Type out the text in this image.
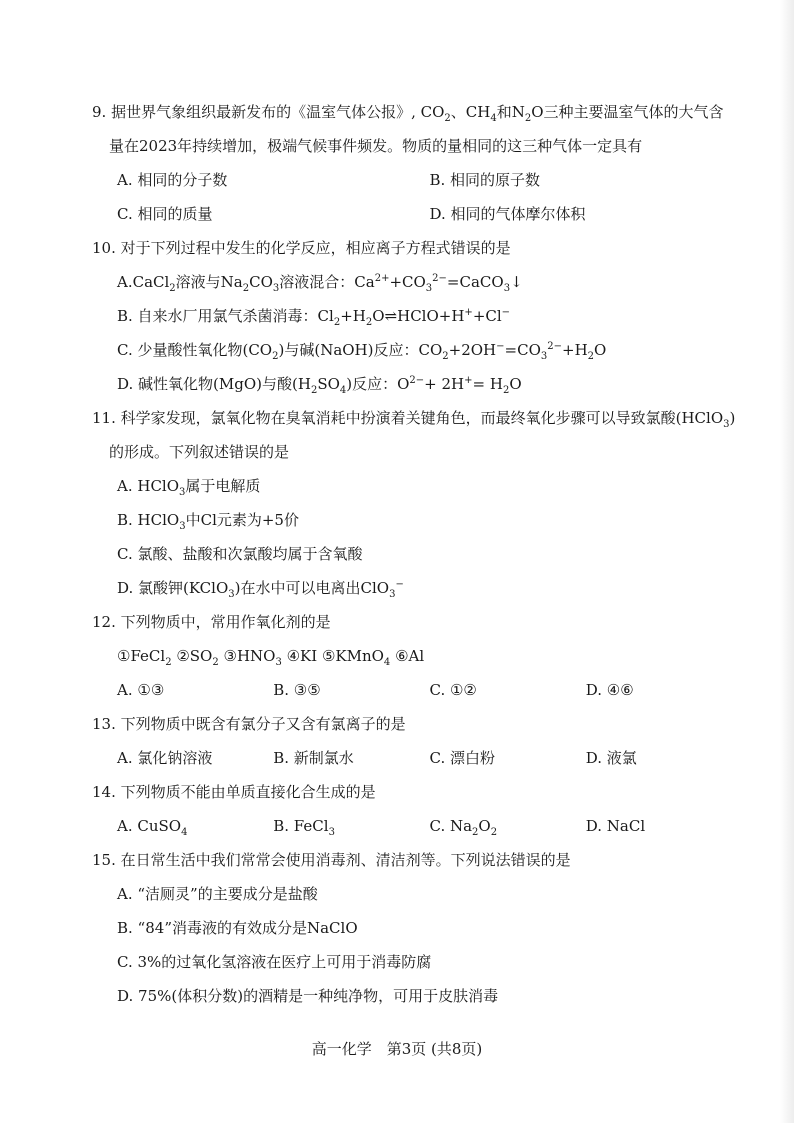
9. 据世界气象组织最新发布的《温室气体公报》, $CO_2$、$CH_4$和$N_2O$三种主要温室气体的大气含
量在2023年持续增加，极端气候事件频发。物质的量相同的这三种气体一定具有
A. 相同的分子数	B. 相同的原子数
C. 相同的质量	D. 相同的气体摩尔体积
10. 对于下列过程中发生的化学反应，相应离子方程式错误的是
A.CaCl$_2$溶液与$Na_2CO_3$溶液混合：$Ca^{2+}+CO_3^{2-}=CaCO_3↓$
B. 自来水厂用氯气杀菌消毒：$Cl_2+H_2O\rightleftharpoons HClO+H^++Cl^-$
C. 少量酸性氧化物$(CO_2)$与碱(NaOH)反应：$CO_2+2OH^-=CO_3^{2-}+H_2O$
D. 碱性氧化物(MgO)与酸$(H_2SO_4)$反应：$O^{2-}+ 2H^+= H_2O$
11. 科学家发现，氯氧化物在臭氧消耗中扮演着关键角色，而最终氧化步骤可以导致氯酸(HClO$_3$)
的形成。下列叙述错误的是
A. HClO$_3$属于电解质
B. HClO$_3$中Cl元素为+5价
C. 氯酸、盐酸和次氯酸均属于含氧酸
D. 氯酸钾(KClO$_3$)在水中可以电离出ClO$_3$−
12. 下列物质中，常用作氧化剂的是
①FeCl$_2$ $②SO_2$ $③HNO_3$ ④KI ⑤KMnO$_4$ ⑥Al
A. ①③	B. ③⑤	C. ①②	D. ④⑥
13. 下列物质中既含有氯分子又含有氯离子的是
A. 氯化钠溶液	B. 新制氯水	C. 漂白粉	D. 液氯
14. 下列物质不能由单质直接化合生成的是
A. CuSO$_4$	B. FeCl$_3$	C. $Na_2O_2$	D. NaCl
15. 在日常生活中我们常常会使用消毒剂、清洁剂等。下列说法错误的是
A. “洁厕灵”的主要成分是盐酸
B. “84”消毒液的有效成分是NaClO
C. 3%的过氧化氢溶液在医疗上可用于消毒防腐
D. 75%(体积分数)的酒精是一种纯净物，可用于皮肤消毒
高一化学　第3页 (共8页)
